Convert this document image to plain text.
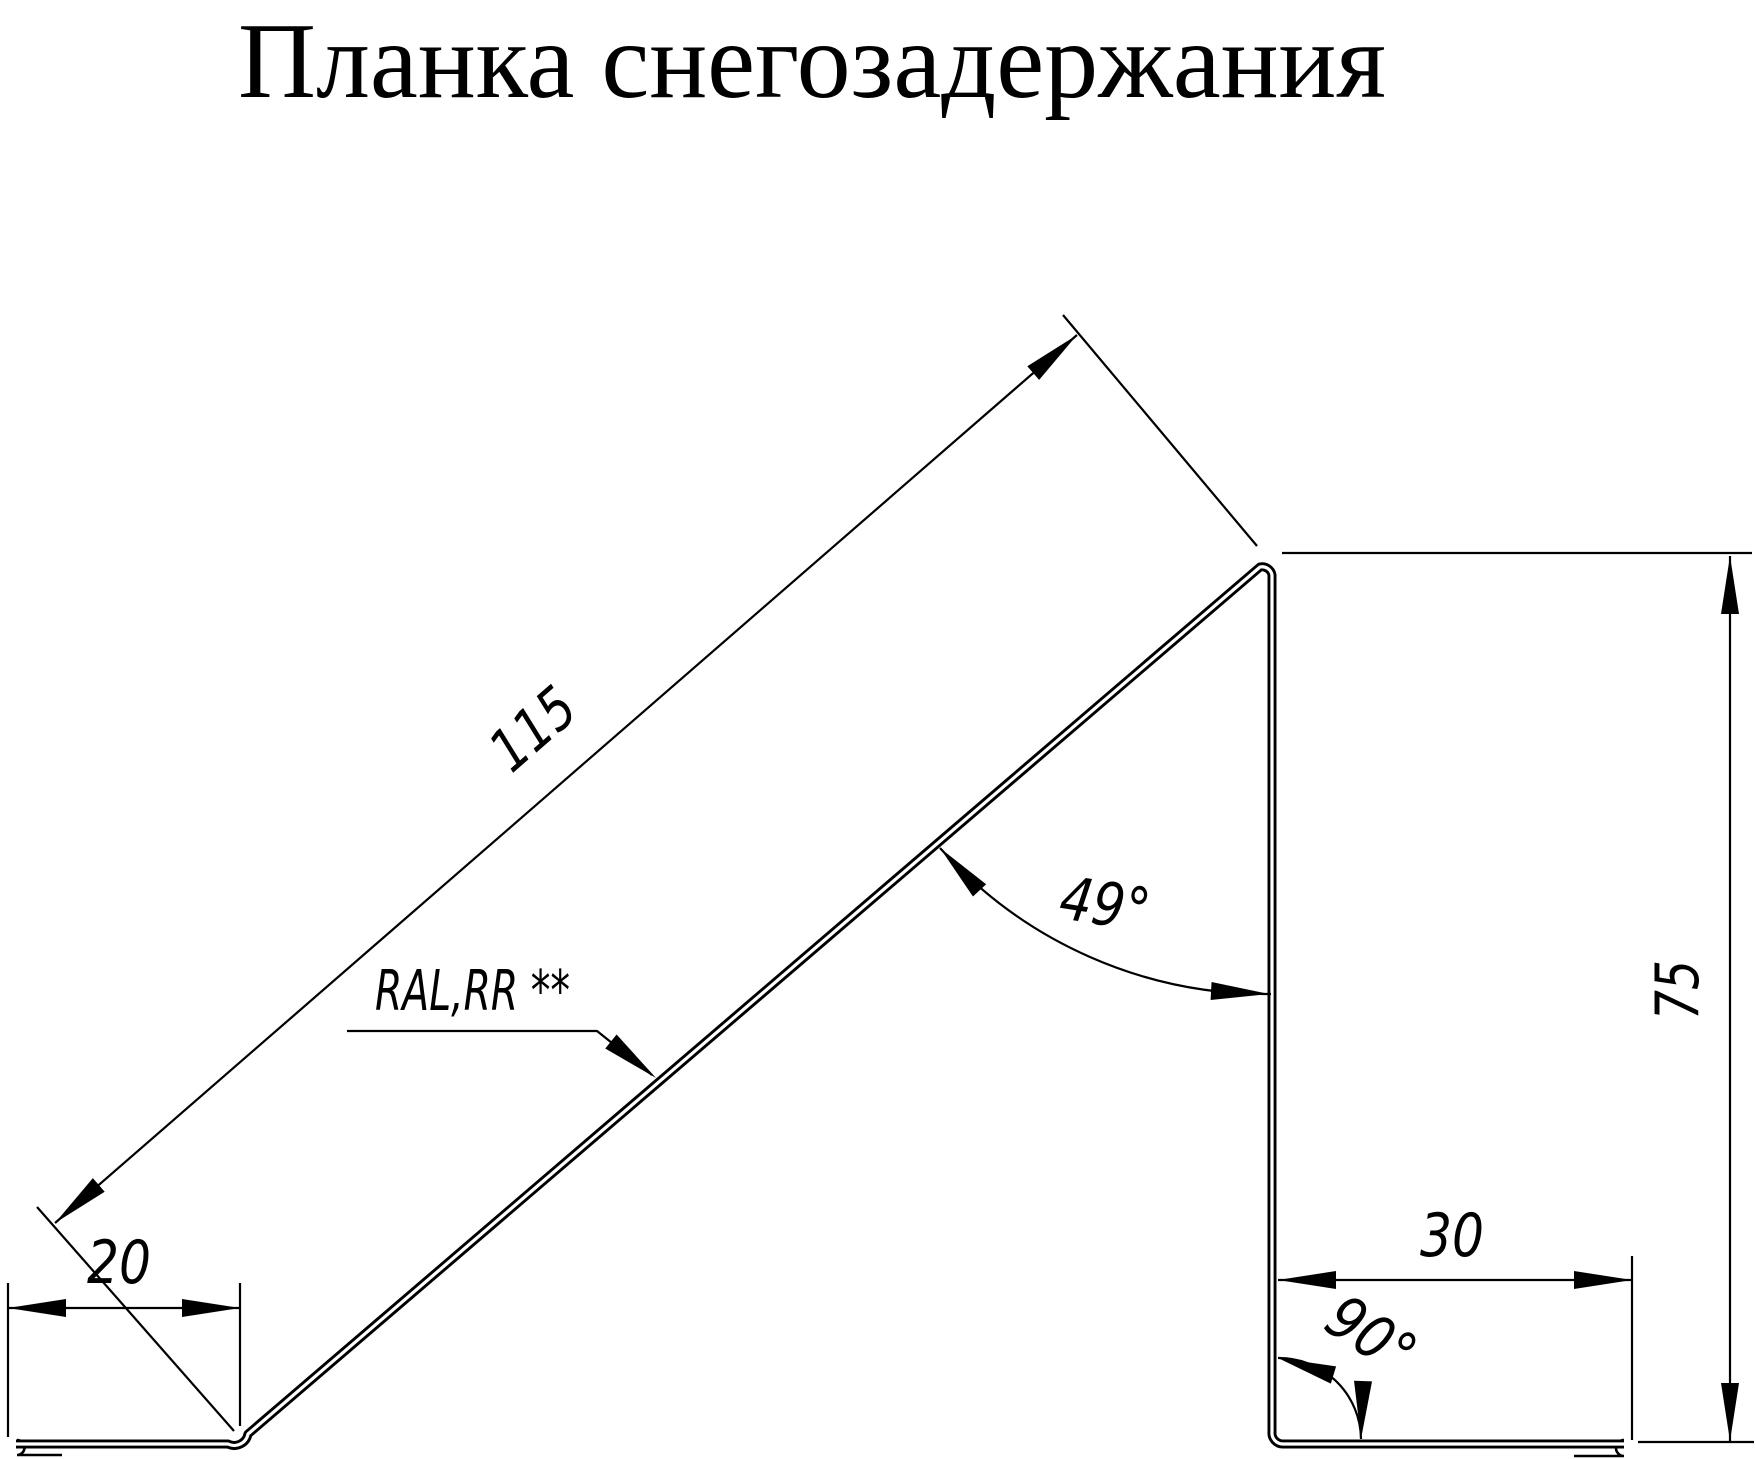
Планка снегозадержания
115
20	30
75
49°
90°
RAL,RR **
